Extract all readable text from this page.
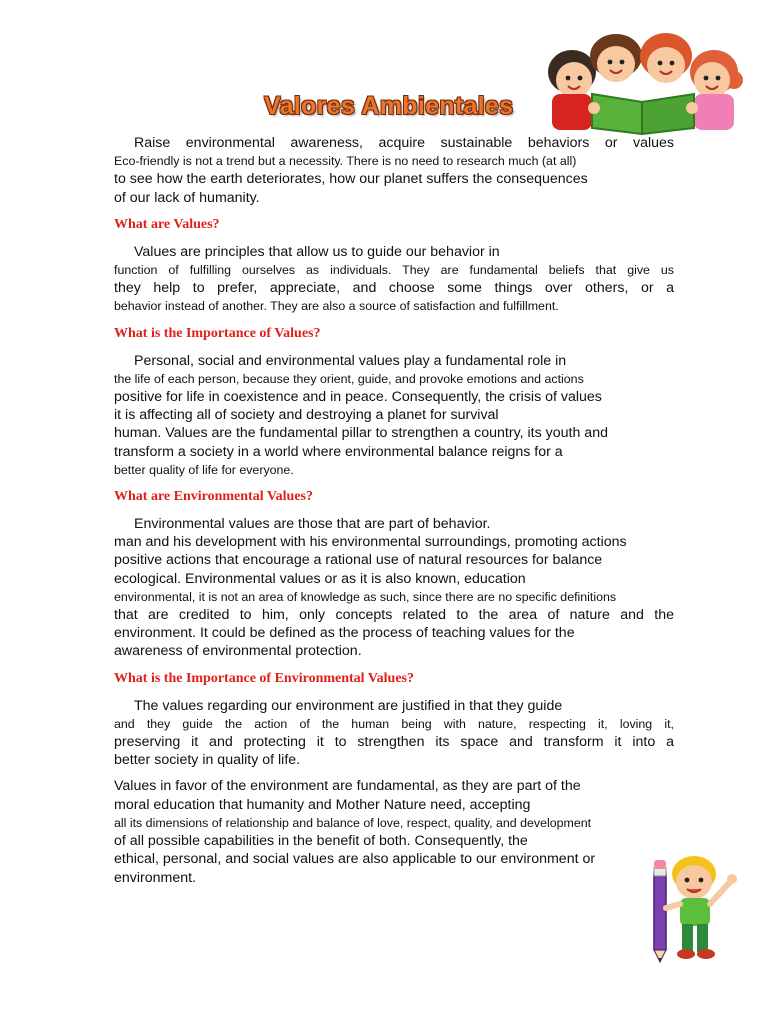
Valores Ambientales
Raise environmental awareness, acquire sustainable behaviors or values
Eco-friendly is not a trend but a necessity. There is no need to research much (at all)
to see how the earth deteriorates, how our planet suffers the consequences
of our lack of humanity.
What are Values?
Values are principles that allow us to guide our behavior in
function of fulfilling ourselves as individuals. They are fundamental beliefs that give us
they help to prefer, appreciate, and choose some things over others, or a
behavior instead of another. They are also a source of satisfaction and fulfillment.
What is the Importance of Values?
Personal, social and environmental values play a fundamental role in
the life of each person, because they orient, guide, and provoke emotions and actions
positive for life in coexistence and in peace. Consequently, the crisis of values
it is affecting all of society and destroying a planet for survival
human. Values are the fundamental pillar to strengthen a country, its youth and
transform a society in a world where environmental balance reigns for a
better quality of life for everyone.
What are Environmental Values?
Environmental values are those that are part of behavior.
man and his development with his environmental surroundings, promoting actions
positive actions that encourage a rational use of natural resources for balance
ecological. Environmental values or as it is also known, education
environmental, it is not an area of knowledge as such, since there are no specific definitions
that are credited to him, only concepts related to the area of nature and the
environment. It could be defined as the process of teaching values for the
awareness of environmental protection.
What is the Importance of Environmental Values?
The values regarding our environment are justified in that they guide
and they guide the action of the human being with nature, respecting it, loving it,
preserving it and protecting it to strengthen its space and transform it into a
better society in quality of life.
Values in favor of the environment are fundamental, as they are part of the
moral education that humanity and Mother Nature need, accepting
all its dimensions of relationship and balance of love, respect, quality, and development
of all possible capabilities in the benefit of both. Consequently, the
ethical, personal, and social values are also applicable to our environment or
environment.
